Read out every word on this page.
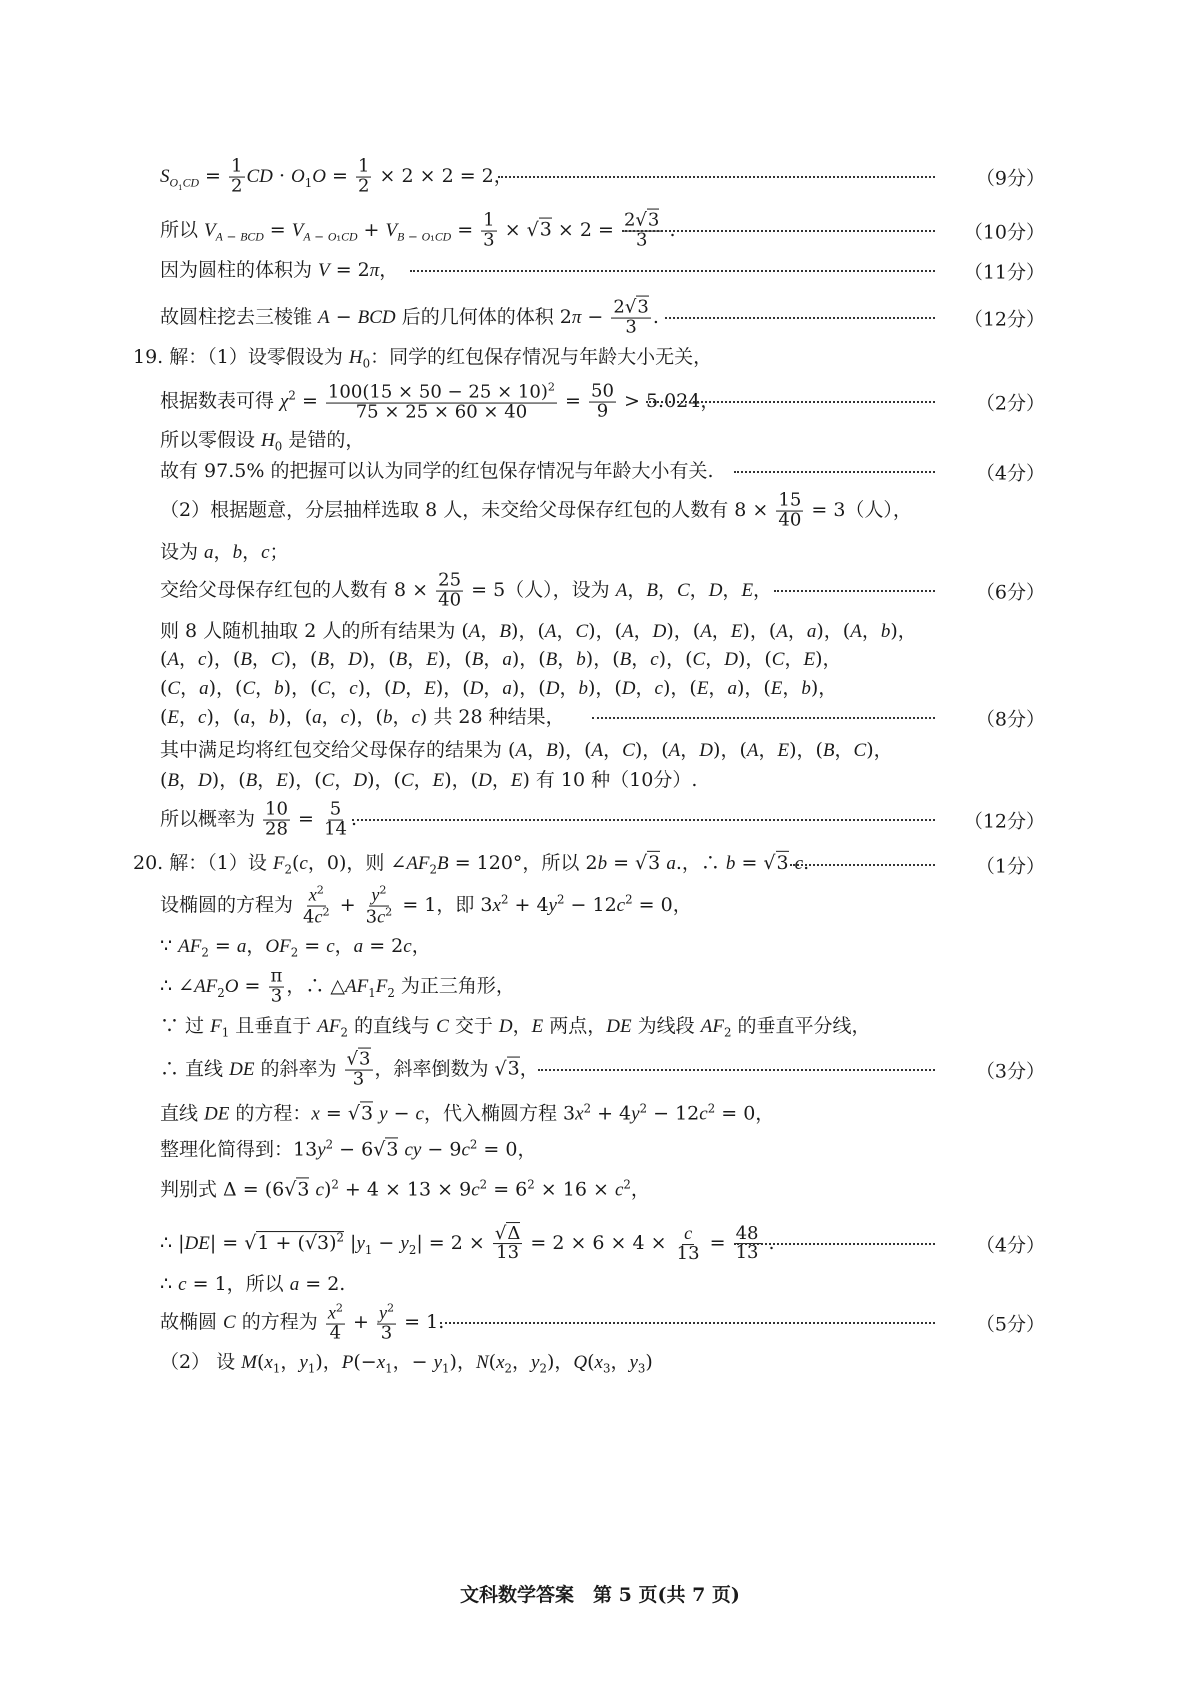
$S_{O_1CD} = \frac{1}{2}$ CD · $O_1O = \frac{1}{2} \times 2 \times 2 = 2$，	（9分）
所以 $V_{A - BCD} = V_{A - O_1CD} + V_{B - O_1CD} = \frac{1}{3} \times √3 \times 2 = \frac{2√3}{3}$ .	（10分）
因为圆柱的体积为 V = 2π，	（11分）
故圆柱挖去三棱锥 A − BCD 后的几何体的体积 $2\pi - \frac{2√3}{3}$ .	（12分）
19. 解：（1）设零假设为 $H_0$：同学的红包保存情况与年龄大小无关，
根据数表可得 $\chi^2 = \frac{100(15 \times 50 - 25 \times 10)^2}{75 \times 25 \times 60 \times 40} = \frac{50}{9} > 5.024$，	（2分）
所以零假设 $H_0$ 是错的，
故有 97.5% 的把握可以认为同学的红包保存情况与年龄大小有关.	（4分）
（2）根据题意，分层抽样选取 8 人，未交给父母保存红包的人数有 $8 \times \frac{15}{40} = 3$（人），
设为 a，b，c；
交给父母保存红包的人数有 $8 \times \frac{25}{40} = 5$（人），设为 A，B，C，D，E，	（6分）
则 8 人随机抽取 2 人的所有结果为 (A，B)，(A，C)，(A，D)，(A，E)，(A，a)，(A，b)，
(A，c)，(B，C)，(B，D)，(B，E)，(B，a)，(B，b)，(B，c)，(C，D)，(C，E)，
(C，a)，(C，b)，(C，c)，(D，E)，(D，a)，(D，b)，(D，c)，(E，a)，(E，b)，
(E，c)，(a，b)，(a，c)，(b，c) 共 28 种结果，	（8分）
其中满足均将红包交给父母保存的结果为 (A，B)，(A，C)，(A，D)，(A，E)，(B，C)，
(B，D)，(B，E)，(C，D)，(C，E)，(D，E) 有 10 种（10分）.
所以概率为 $\frac{10}{28} = \frac{5}{14}$ .	（12分）
20. 解：（1）设 $F_2(c$，0)，则 $\angle AF_2B = 120^\circ$，所以 2b = √3 a.，∴ b = √3 c.	（1分）
设椭圆的方程为 $\frac{x^2}{4c^2} + \frac{y^2}{3c^2} = 1$，即 $3x^2 + 4y^2 - 12c^2 = 0$，
∵ $AF_2 = a$，$OF_2 = c$，a = 2c，
∴ $\angle AF_2O = \frac{\pi}{3}$ ，∴ $\triangle AF_1F_2$ 为正三角形，
∵ 过 $F_1$ 且垂直于 $AF_2$ 的直线与 C 交于 D，E 两点，DE 为线段 $AF_2$ 的垂直平分线，
∴ 直线 DE 的斜率为 $\frac{√3}{3}$ ，斜率倒数为 √3，	（3分）
直线 DE 的方程：x = √3 y − c，代入椭圆方程 $3x^2 + 4y^2 - 12c^2 = 0$，
整理化简得到：$13y^2 - 6√3$ cy − $9c^2 = 0$，
判别式 Δ = (6√3 $c)^2 + 4 \times 13 \times 9c^2 = 6^2 \times 16 \times c^2$，
∴ $|DE| = √1 + (√3)^2$ $|y_1 - y_2| = 2 \times \frac{√\Delta}{13} = 2 \times 6 \times 4 \times \frac{c}{13} = \frac{48}{13}$ .	（4分）
∴ c = 1，所以 a = 2.
故椭圆 C 的方程为 $\frac{x^2}{4} + \frac{y^2}{3} = 1$.	（5分）
（2） 设 $M(x_1$，$y_1$)，$P(-x_1$，− $y_1$)，$N(x_2$，$y_2$)，$Q(x_3$，$y_3$)
文科数学答案　第 5 页(共 7 页)
